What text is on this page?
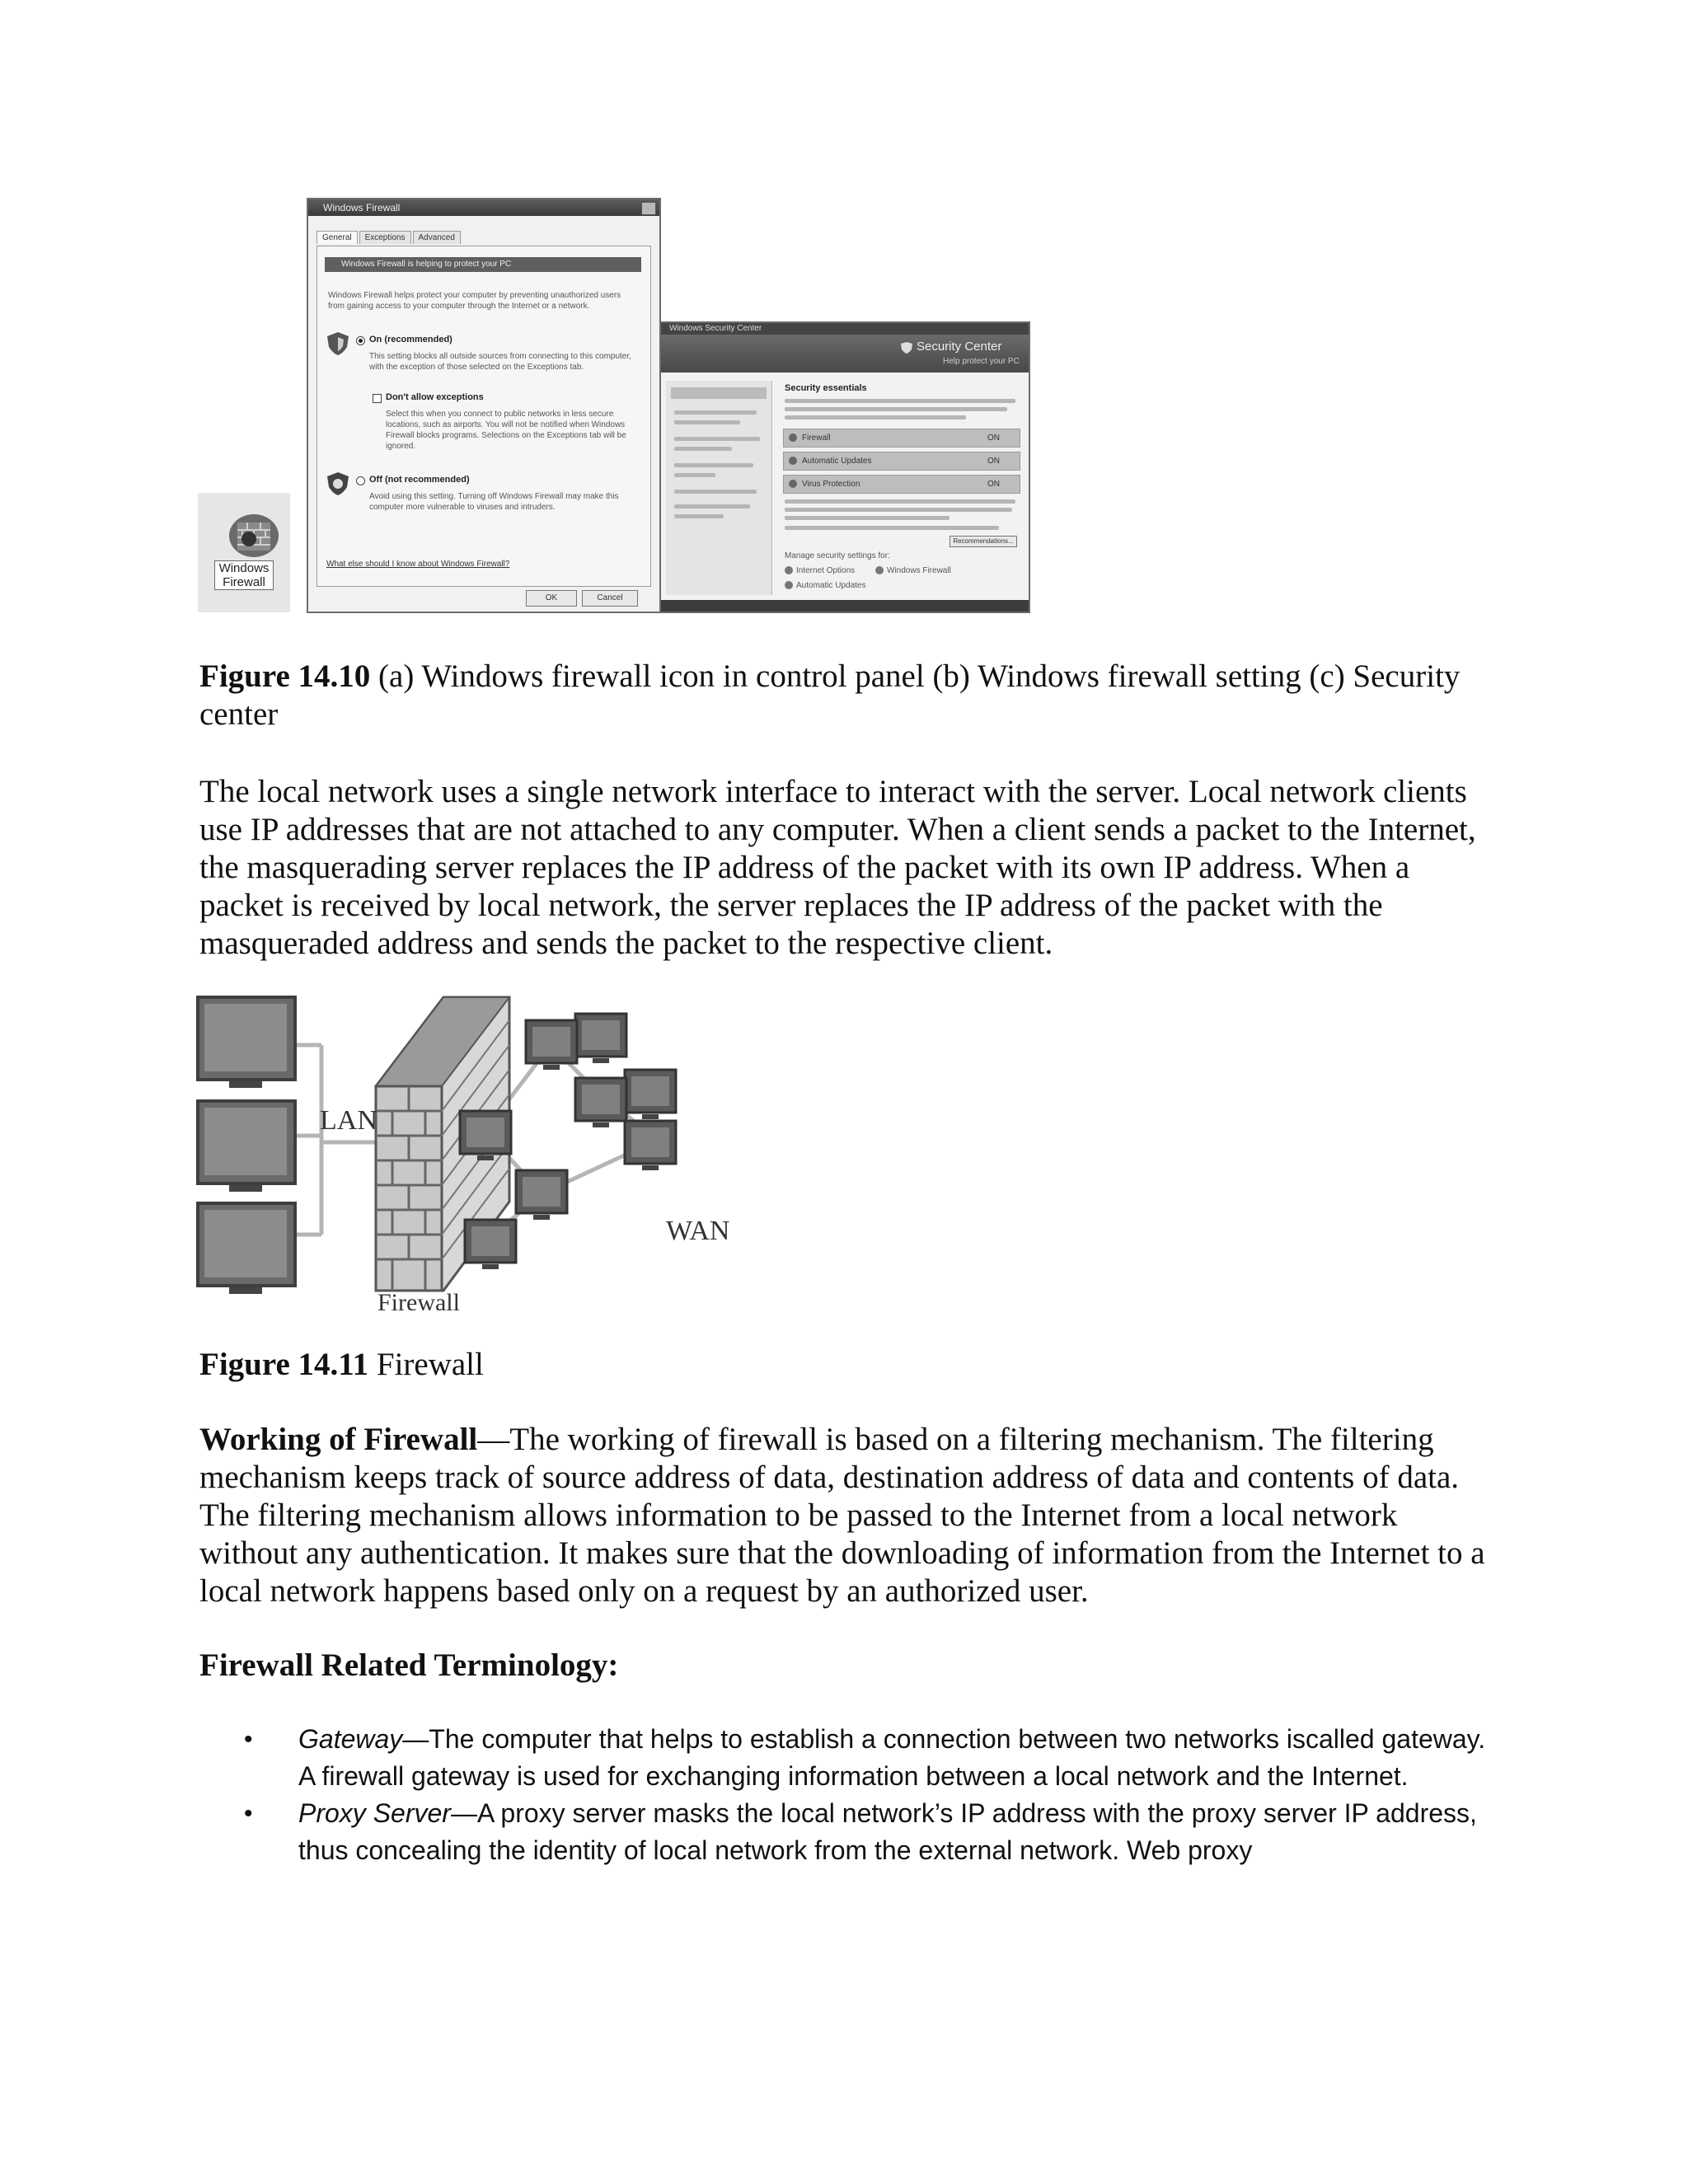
Windows
Firewall
Windows Firewall
General	Exceptions	Advanced
Windows Firewall is helping to protect your PC
Windows Firewall helps protect your computer by preventing unauthorized users from gaining access to your computer through the Internet or a network.
On (recommended)
This setting blocks all outside sources from connecting to this computer, with the exception of those selected on the Exceptions tab.
Don't allow exceptions
Select this when you connect to public networks in less secure locations, such as airports. You will not be notified when Windows Firewall blocks programs. Selections on the Exceptions tab will be ignored.
Off (not recommended)
Avoid using this setting. Turning off Windows Firewall may make this computer more vulnerable to viruses and intruders.
What else should I know about Windows Firewall?
OK	Cancel
Windows Security Center
Security Center
Help protect your PC
Security essentials
Firewall	ON
Automatic Updates	ON
Virus Protection	ON
Recommendations...
Manage security settings for:
Internet Options	Windows Firewall
Automatic Updates
Figure 14.10 (a) Windows firewall icon in control panel (b) Windows firewall setting (c) Security center
The local network uses a single network interface to interact with the server. Local network clients use IP addresses that are not attached to any computer. When a client sends a packet to the Internet, the masquerading server replaces the IP address of the packet with its own IP address. When a packet is received by local network, the server replaces the IP address of the packet with the masqueraded address and sends the packet to the respective client.
LAN
WAN
Firewall
Figure 14.11 Firewall
Working of Firewall—The working of firewall is based on a filtering mechanism. The filtering mechanism keeps track of source address of data, destination address of data and contents of data. The filtering mechanism allows information to be passed to the Internet from a local network without any authentication. It makes sure that the downloading of information from the Internet to a local network happens based only on a request by an authorized user.
Firewall Related Terminology:
• Gateway—The computer that helps to establish a connection between two networks iscalled gateway. A firewall gateway is used for exchanging information between a local network and the Internet.
• Proxy Server—A proxy server masks the local network’s IP address with the proxy server IP address, thus concealing the identity of local network from the external network. Web proxy
